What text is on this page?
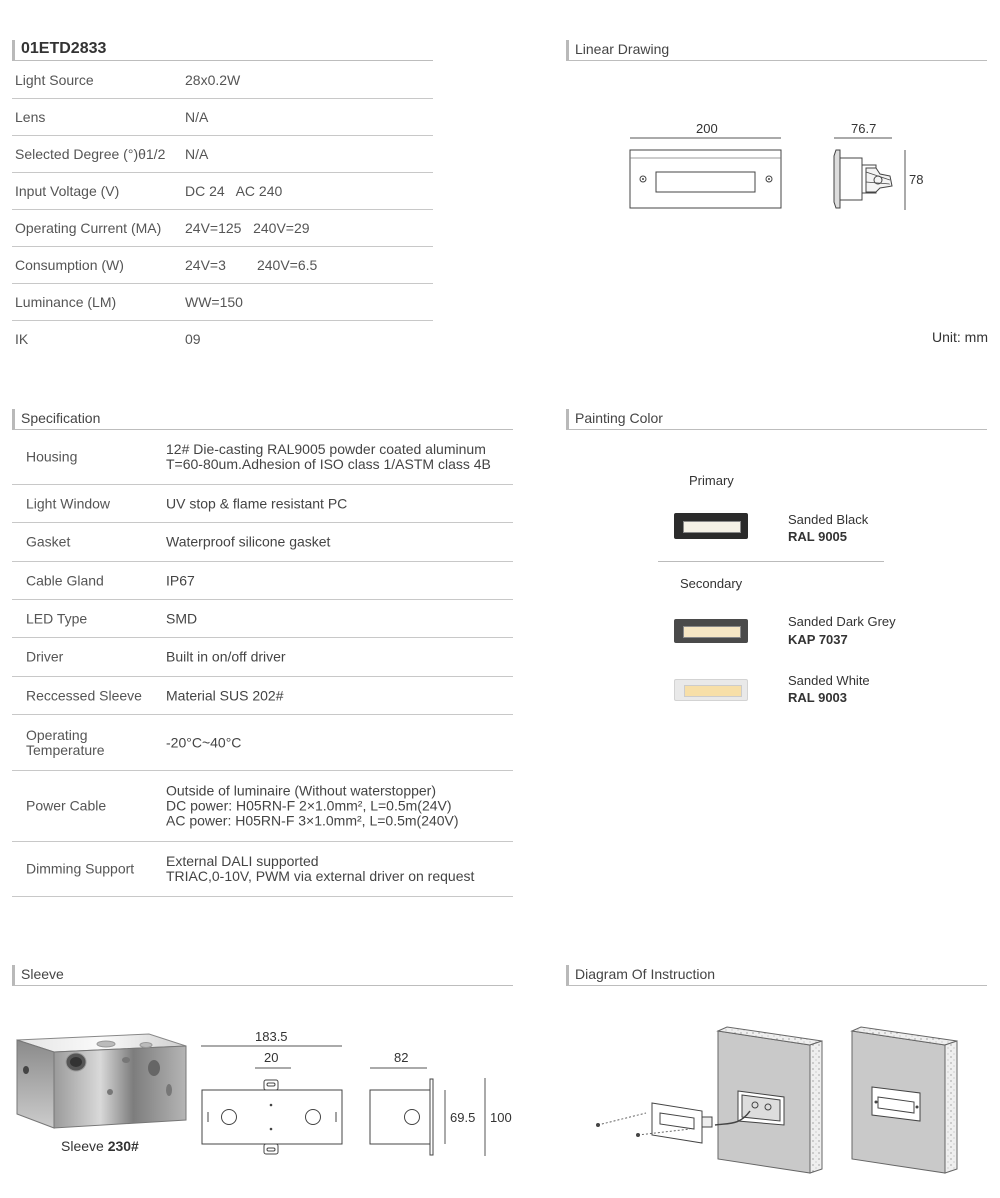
01ETD2833
Light Source	28x0.2W
Lens	N/A
Selected Degree (°)θ1/2 N/A
Input Voltage (V)	DC 24   AC 240
Operating Current (MA) 24V=125   240V=29
Consumption (W)	24V=3        240V=6.5
Luminance (LM)	WW=150
IK	09
Linear Drawing
200	76.7
78
Unit: mm
Specification
Housing	12# Die-casting RAL9005 powder coated aluminum
T=60-80um.Adhesion of ISO class 1/ASTM class 4B
Light Window	UV stop & flame resistant PC
Gasket	Waterproof silicone gasket
Cable Gland	IP67
LED Type	SMD
Driver	Built in on/off driver
Reccessed Sleeve Material SUS 202#
Operating
Temperature	-20°C~40°C
Power Cable
Outside of luminaire (Without waterstopper)
DC power: H05RN-F 2×1.0mm², L=0.5m(24V)
AC power: H05RN-F 3×1.0mm², L=0.5m(240V)
Dimming Support External DALI supported
TRIAC,0-10V, PWM via external driver on request
Painting Color
Primary
Secondary
Sanded Black
RAL 9005
Sanded Dark Grey
KAP 7037
Sanded White
RAL 9003
Sleeve
Sleeve 230#
183.5
20	82
69.5 100
Diagram Of Instruction
